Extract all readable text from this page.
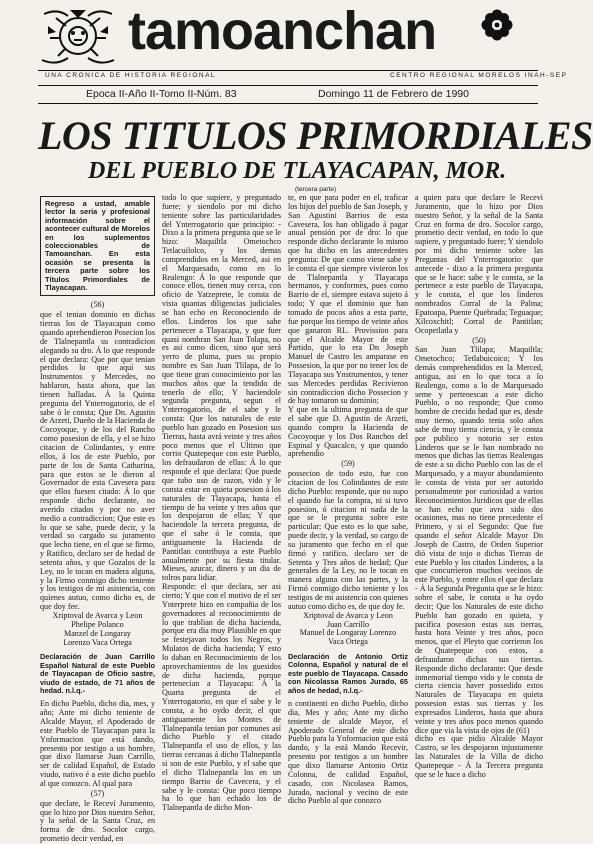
tamoanchan
UNA CRONICA DE HISTORIA REGIONAL	CENTRO REGIONAL MORELOS INAH-SEP
Epoca II-Año II-Tomo II-Núm. 83	Domingo 11 de Febrero de 1990
LOS TITULOS PRIMORDIALES
DEL PUEBLO DE TLAYACAPAN, MOR.
(tercera parte)
Regreso a ustad, amable lector la seria y profesional información sobre el acontecer cultural de Morelos en los suplementos coleccionables de Tamoanchan. En esta ocasión se presenta la tercera parte sobre los Títulos Primordiales de Tlayacapan.

(56)

que el tenian dominio en dichas tierras los de Tlayacapan como quando aprehendieron Posecion los de Tlalnepantla su contradicion alegando su dro. Á lo que responde el que declara: Que por que tenian perdidos lo que aquí sus Instrumentos y Mercedes, no hablaron, hasta ahora, que las tienen halladas. Á la Quinta pregunta del Ynterrogatorio, de el sabe ó le consta; Que Dn. Agustin de Arzeti, Dueño de la Hacienda de Cocoyoque, y de los del Rancho como posesion de ella, y el se hizo citacion de Colindantes, y entre ellos, á los de este Pueblo, por parte de los de Santa Catharina, para que estos se le dieron al Governador de esta Cavesera para que ellos fuesen citado: Á lo que responde dicho declarante, no averido citados y por no aver medio a contradiccion; Que este es lo que se sabe, puede decir, y la verdad so cargado su juramento que lecho tiene, en el que se firmo, y Ratifico, declaro ser de hedad de setenta años, y que Gozalos de la Ley, no le tocan en madera alguna, y la Firmo conmigo dicho teniente y los testigos de mi asistencia, con quienes autuo, como dicho es, de que doy fee.

Xriptoval de Avarca y Leon

Phelipe Polanco

Manzel de Longaray

Lorenzo Vaca Ortega

Declaración de Juan Carrillo Español Natural de este Pueblo de Tlayacapan de Oficio sastre, viudo de estado, de 71 años de hedad. n.l.q.-

En dicho Pueblo, dicho dia, mes, y año; Ante mi dicho teniente de Alcalde Mayor, el Apoderado de este Pueblo de Tlayacapan para la Ynformacion que está dando, presento por testigo a un hombre, que dixo llamarse Juan Carrillo, ser de calidad Español, de Estado viudo, nativo é a este dicho pueblo al que conozco. Al qual para

(57)

que declare, le Receví Juramento, que lo hizo por Dios nuestro Señor, y la señal de la Santa Cruz, en forma de dro. Socolor cargo, prometio decir verdad, en

todo lo que supiere, y preguntado fuere; y siendolo por mi dicho teniente sobre las particularidades del Ynterrogatorio que principio: - Dixo a la primera pregunta que se le hizo: Maquiltla Ometochco Tetlacuilolco, y los demas comprendidos en la Merced, asi en el Marquesado, como en lo Realengo: Á lo que responde que conoce ellos, tienen muy cerca, con oficio de Yatzeprete, le consta de vista quantas diligencias judiciales se han echo en Reconociendo de ellos. Linderos los que sabe pertenecer a Tlayacapa, y que fuer quasi nombran San Juan Tolapa, no es asi como dicen, sino que será yerro de pluma, pues su propio nombre es San Juan Tlilapa, de lo que tiene gran conocimiento por las muchos años que la tendido de tenerlo de ello; Y haciendole segunda pregunta, segun el Ynterrogatorio, de el sabe y le consta: Que los naturales de este pueblo han gozado en Posesion sus Tierras, hasta avrá veinte y tres años poco menos que el Ultimo que corrio Quatepeque con este Pueblo, los defraudaron de ellas: Á lo que responde el que declara: Que puede que tubo uso de razon, vido y le consta estar en quieta posesion á los naturales de Tlayacapa, hasta el tiempo de ha veinte y tres años que los despojaron de ellas; Y que haciendole la tercera pregunta, de que el sabe ó le consta, que antiguamente la Hacienda de Pantitlan contribuya a este Pueblo anualmente por su fiesta titular. Mieses, azucar, dinero y un dia de tolros para lidiar.

Responde: el que declara, ser asi cierto; Y que con el motivo de el ser Ynterprete hizo en compañia de los governadores al reconocimiento de lo que trablian de dicha hacienda, porque era dia muy Plausible en que se festejavan todos los Negros, y Mulatos de dicha hacienda; Y esto lo daban en Reconocimiento de los aprovechamientos de los guesidos de dicha hacienda, porque pertenecian a Tlayacapa: Á la Quarta pregunta de el Ynterrogatorio, en que el sabe y le consta, a ho oydo decir, el que antiguamente los Montes de Tlalnepantla tenian por comunes así dicho Pueblo y el citado Tlalnepantla el uso de ellos, y las tierras cercanas á dicho Tlalnepantla si son de este Pueblo, y el sabe que el dicho Tlalnepantla los en un tiempo Barrio de Cavecera, y el sabe y le consta: Que poco tiempo ha lo que han echado los de Tlalnepantla de dicho Mon-

te, en que para poder en el, traficar los hijos del pueblo de San Joseph, y San Agustini Barrios de esta Cavesera, los han obligado á pagar anual pensión por de dro: lo que responde dicho declarante lo mismo que ha dicho en las antecedentes pregunta: De que como viene sabe y le consta el que siempre vivieron los de Tlalnepantla y Tlayacapa hermanos, y conformes, pues como Barrio de el, siempre estava sujeto á todo; Y que el dominio que han tomado de pocos años a esta parte, fue porque los tiempo de veinte años que ganaron RL. Provission para que el Alcalde Mayor de este Partido, que lo era Dn Joseph Manuel de Castro les amparase en Possesion, la que por no tener los de Tlayacapa sus Ynstrumentos, y tener sus Mercedes perdidas Recivieron sin contradiccion dicho Possecion y de hay tomaron su dominio;

Y que en la ultima pregunta de que el sabe que D. Agustin de Arzeti, quando compro la Hacienda de Cocoyoque y los Dos Ranchos del Espinal y Quacalco, y que quando aprehendio

(59)

possecion de todo esto, fue con citacion de los Colindantes de este dicho Pueblo: responde, que no supo el quando fue la compra, ni si tuvo posesion, ó citacion ni nada de la que se le pregunta sobre este particular; Que esto es lo que sabe, puede decir, y la verdad, so cargo de su juramento que fecho en el que firmó y ratifico. declaro ser de Setenta y Tres años de hedad; Que generales de la Ley, no le tocan en manera alguna con las partes, y la Firmó conmigo dicho teniente y los testigos de mi asistencia con quienes autuo como dicho es, de que doy fe.

Xriptoval de Avarca y Leon

Juan Carrillo

Manuel de Longaray Lorenzo

Vaca Ortega

Declaración de Antonio Ortiz Colonna, Español y natural de el este pueblo de Tlayacapa. Casado con Nicolassa Ramos Jurado, 65 años de hedad, n.l.q.-

n continenti en dicho Pueblo, dicho dia, Mes y año; Ante my dicho teniente de alcalde Mayor, el Apoderado General de este dicho Pueblo para la Ynformacion que está dando, y la está Mando Recevir, presento por testigos a un hombre que dixo llamarse Antonio Ortiz Colonna, de calidad Español, casado, con Nicolasea Ramos, Jurado, nacional y vecino de este dicho Pueblo al que conozco

a quien para que declare le Recevi Juramento, que lo hizo por Dios nuestro Señor, y la señal de la Santa Cruz en forma de dro. Socolor cargo, prometio decir verdad, en todo lo que supiere, y preguntado fuere; Y siendolo por mi dicho teniente sobre las Preguntas del Ynterrogatorio: que antecede - dixo a la primera pregunta que se le hace: sabe y le consta, se la pertenece a este pueblo de Tlayacapa, y le consta, el que los linderos nombrados Corral de la Palma; Epatoapa, Puente Quebrada; Teguaque; Xilcoxchitl; Corral de Pantitlan; Ocopetlatla y

(50)

San Juan Tlilapa; Maquiltla; Ometochco; Tetlabuicoico; Y los demás comprehendidos en la Merced, antigua, asi en lo que toca a lo Realengo, como a lo de Marquesado seme y pertenescan a este dicho Pueblo, o no responde; Que como hombre de crecido hedad que es, desde muy tierno, quando tenia solo años sabe de muy tierna ciencia, y le consta por publico y notorio ser estos Linderos que se le han nombrado no menos que dichas las tierras Realengas de este a su dicho Pueblo con las de el Marquesado, y a mayor abundamiento le consta de vista por ser autorido personalmente por curiosidad a varios Reconocimientos Juridicos que de ellas se han echo que avra sido dos ocasiones, mas no tiene precedente el Primero, y si el Segundo: Que fue quando el señor Alcalde Mayor Dn Joseph de Castro, de Orden Superior dió vista de tojo o dichas Tierras de este Pueblo y los citados Linderos, a la que concurrieron muchos vecinos de este Pueblo, y entre ellos el que declara - Á la Segunda Pregunta que se le hizo: sobre el sabe, le consta o ha oydo decir; Que los Naturales de este dicho Pueblo han gozado en quieta, y pacifica posesion estas sus tierras, hasta hora Veinte y tres años, poco menos, que el Pleyto que corrieron los de Quatepeque con estos, a defraudaron dichas sus tierras. Responde dicho declarante: Que desde inmemorial tiempo vido y le consta de cierta ciencia haver possedido estos Naturales de Tlayacapa en quieta possesion estas sus tierras y los expresados Linderos, hasta que abura veinte y tres años poco menos quando dice que via la vista de ojos de (61)

dicho es que pidio Alcalde Mayor Castro, se les despojaron injustamente las Naturales de la Villa de dicho Quatepeque - Á la Tercera pregunta que se le hace a dicho
